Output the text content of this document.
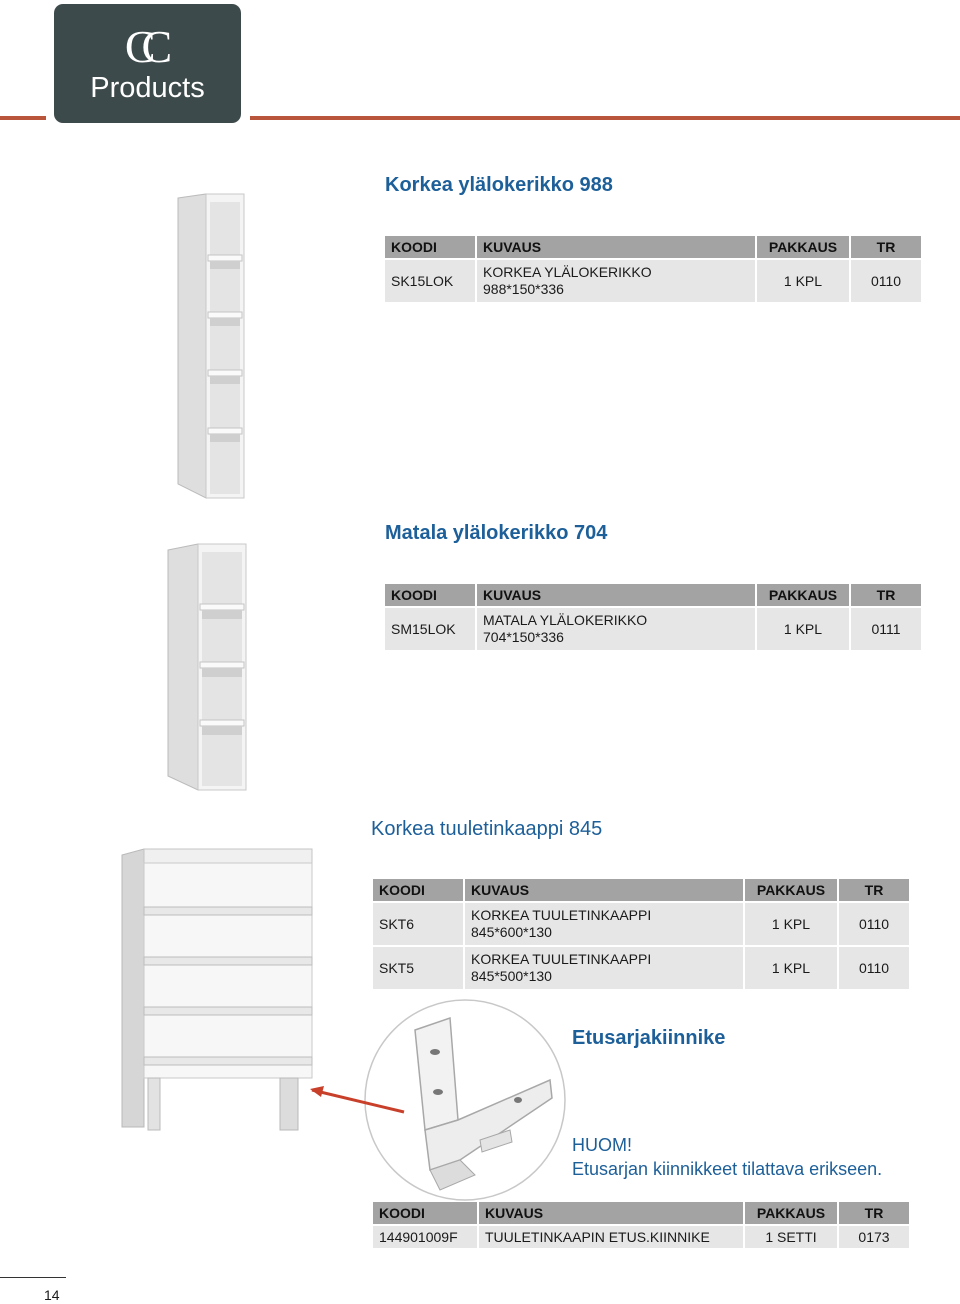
CC
Products
Korkea ylälokerikko 988
KOODI	KUVAUS	PAKKAUS	TR
SK15LOK	KORKEA YLÄLOKERIKKO
988*150*336	1 KPL	0110
Matala ylälokerikko 704
KOODI	KUVAUS	PAKKAUS	TR
SM15LOK	MATALA YLÄLOKERIKKO
704*150*336	1 KPL	0111
Korkea tuuletinkaappi 845
KOODI	KUVAUS	PAKKAUS	TR
SKT6	KORKEA TUULETINKAAPPI
845*600*130	1 KPL	0110
SKT5	KORKEA TUULETINKAAPPI
845*500*130	1 KPL	0110
Etusarjakiinnike
HUOM!
Etusarjan kiinnikkeet tilattava erikseen.
KOODI	KUVAUS	PAKKAUS	TR
144901009F	TUULETINKAAPIN ETUS.KIINNIKE	1 SETTI	0173
14
